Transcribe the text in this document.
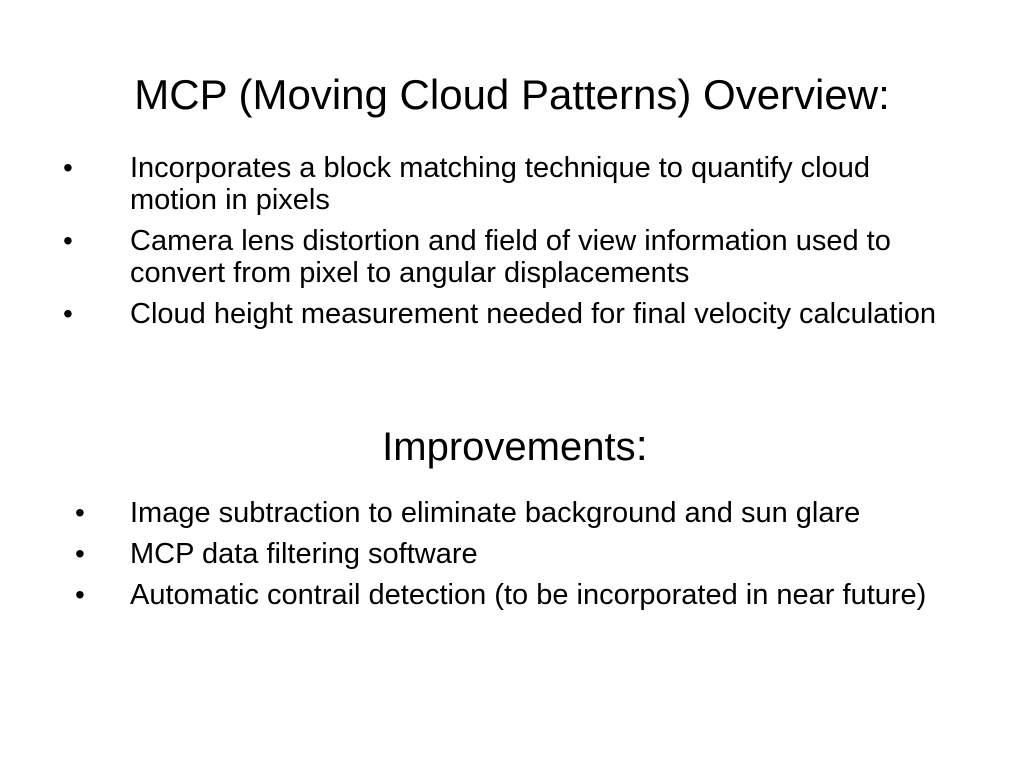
MCP (Moving Cloud Patterns) Overview:
• Incorporates a block matching technique to quantify cloud motion in pixels
• Camera lens distortion and field of view information used to convert from pixel to angular displacements
• Cloud height measurement needed for final velocity calculation
Improvements:
• Image subtraction to eliminate background and sun glare
• MCP data filtering software
• Automatic contrail detection (to be incorporated in near future)
